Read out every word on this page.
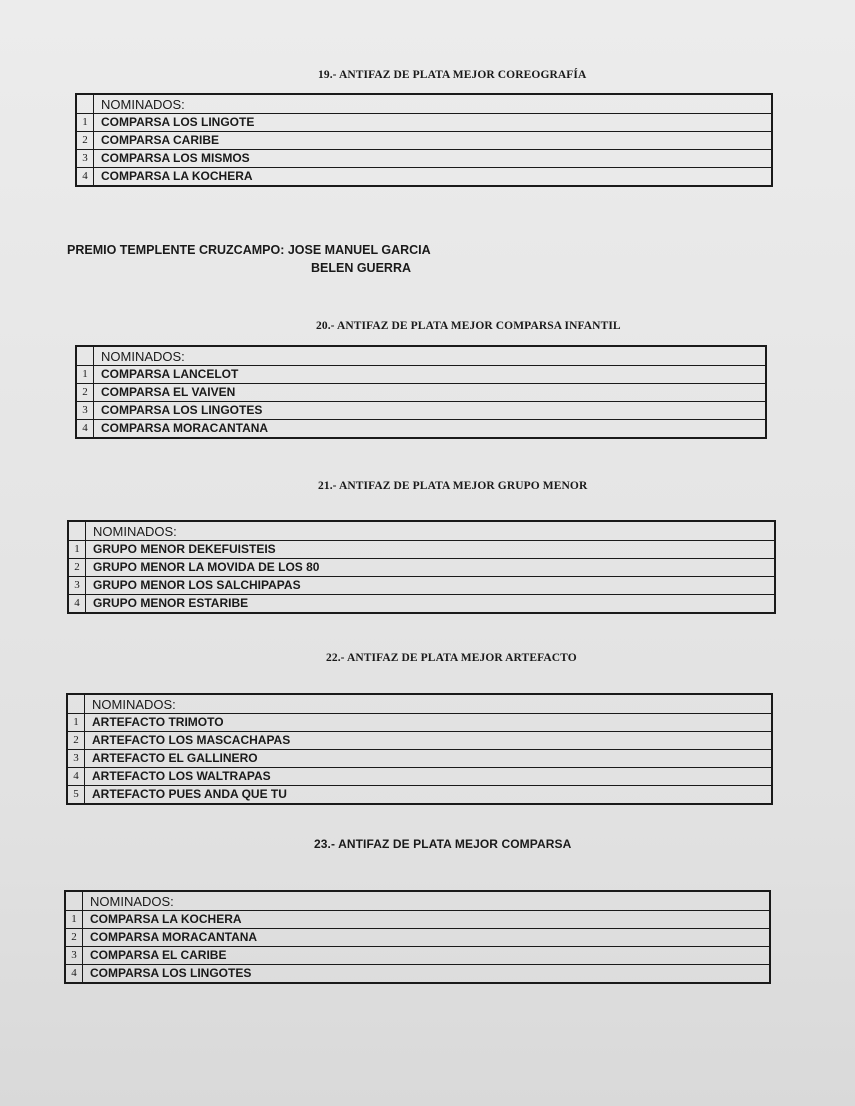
19.- ANTIFAZ DE PLATA MEJOR COREOGRAFÍA
	NOMINADOS:
1	COMPARSA LOS LINGOTE
2	COMPARSA CARIBE
3	COMPARSA LOS MISMOS
4	COMPARSA LA KOCHERA
PREMIO TEMPLENTE CRUZCAMPO: JOSE MANUEL GARCIA
BELEN GUERRA
20.- ANTIFAZ DE PLATA MEJOR COMPARSA INFANTIL
	NOMINADOS:
1	COMPARSA LANCELOT
2	COMPARSA EL VAIVEN
3	COMPARSA LOS LINGOTES
4	COMPARSA MORACANTANA
21.- ANTIFAZ DE PLATA MEJOR GRUPO MENOR
	NOMINADOS:
1	GRUPO MENOR DEKEFUISTEIS
2	GRUPO MENOR LA MOVIDA DE LOS 80
3	GRUPO MENOR LOS SALCHIPAPAS
4	GRUPO MENOR ESTARIBE
22.- ANTIFAZ DE PLATA MEJOR ARTEFACTO
	NOMINADOS:
1	ARTEFACTO TRIMOTO
2	ARTEFACTO LOS MASCACHAPAS
3	ARTEFACTO EL GALLINERO
4	ARTEFACTO LOS WALTRAPAS
5	ARTEFACTO PUES ANDA QUE TU
23.- ANTIFAZ DE PLATA MEJOR COMPARSA
	NOMINADOS:
1	COMPARSA LA KOCHERA
2	COMPARSA MORACANTANA
3	COMPARSA EL CARIBE
4	COMPARSA LOS LINGOTES
